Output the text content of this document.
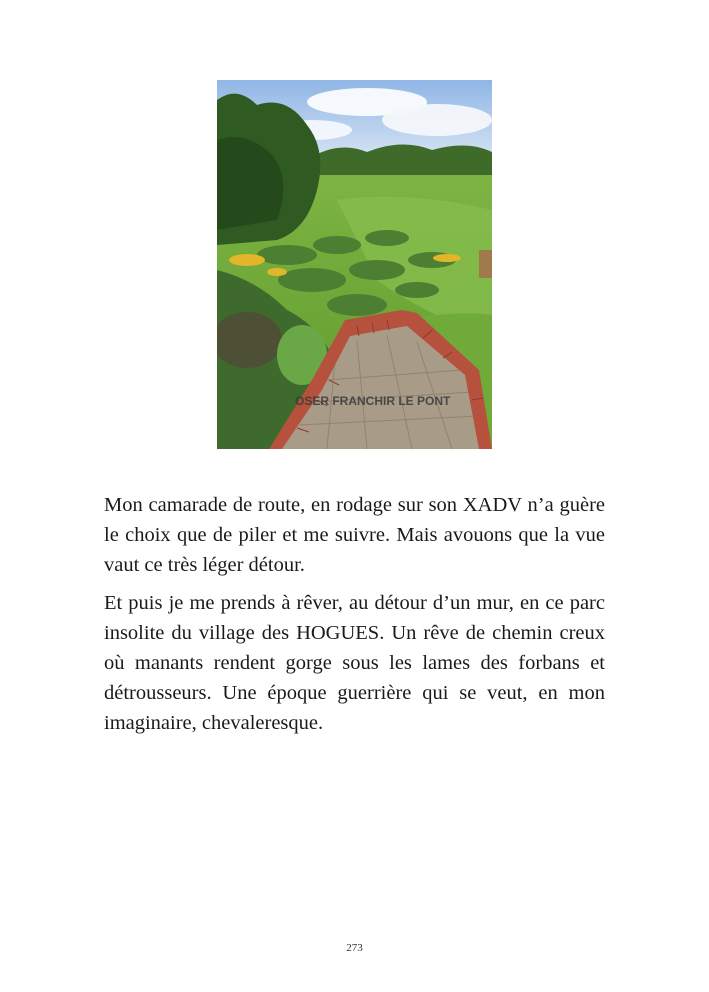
OSER FRANCHIR LE PONT

Mon camarade de route, en rodage sur son XADV n’a guère le choix que de piler et me suivre. Mais avouons que la vue vaut ce très léger détour.

Et puis je me prends à rêver, au détour d’un mur, en ce parc insolite du village des HOGUES. Un rêve de chemin creux où manants rendent gorge sous les lames des forbans et détrousseurs. Une époque guerrière qui se veut, en mon imaginaire, chevaleresque.

273
